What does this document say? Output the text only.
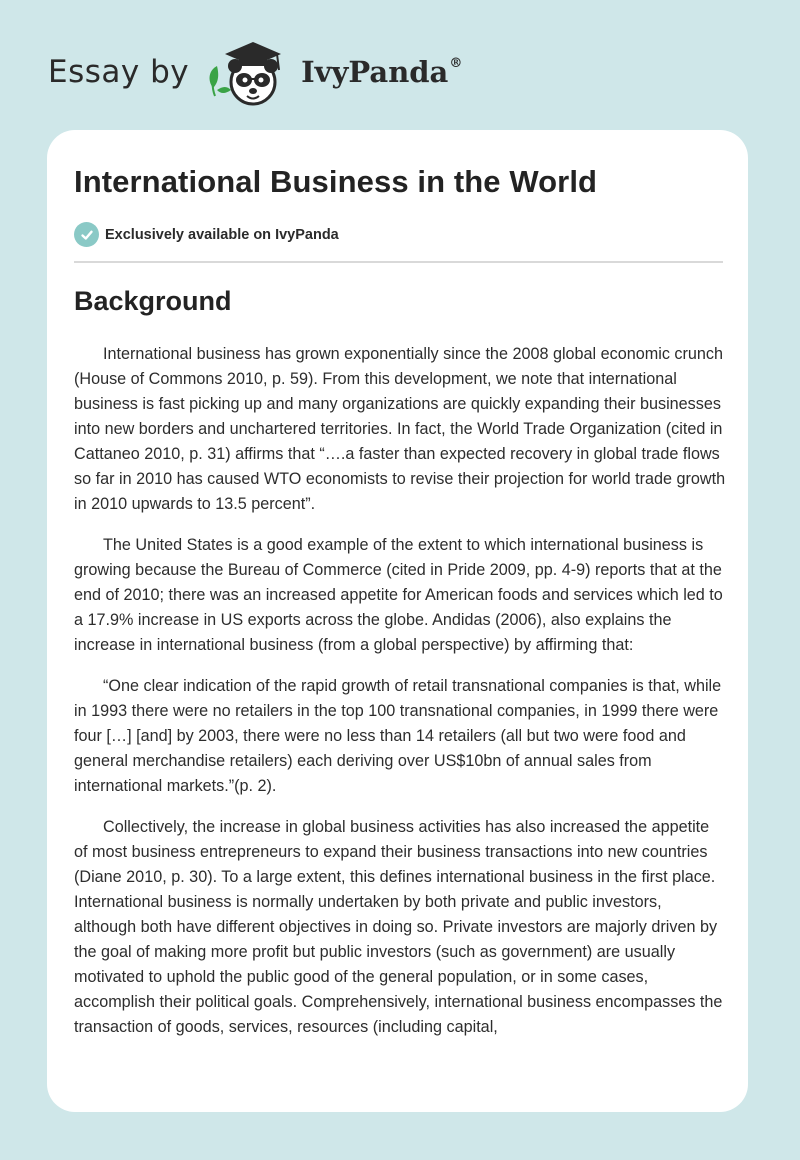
Essay by	IvyPanda®
International Business in the World
Exclusively available on IvyPanda
Background

International business has grown exponentially since the 2008 global economic crunch (House of Commons 2010, p. 59). From this development, we note that international business is fast picking up and many organizations are quickly expanding their businesses into new borders and unchartered territories. In fact, the World Trade Organization (cited in Cattaneo 2010, p. 31) affirms that “….a faster than expected recovery in global trade flows so far in 2010 has caused WTO economists to revise their projection for world trade growth in 2010 upwards to 13.5 percent”.

The United States is a good example of the extent to which international business is growing because the Bureau of Commerce (cited in Pride 2009, pp. 4-9) reports that at the end of 2010; there was an increased appetite for American foods and services which led to a 17.9% increase in US exports across the globe. Andidas (2006), also explains the increase in international business (from a global perspective) by affirming that:

“One clear indication of the rapid growth of retail transnational companies is that, while in 1993 there were no retailers in the top 100 transnational companies, in 1999 there were four […] [and] by 2003, there were no less than 14 retailers (all but two were food and general merchandise retailers) each deriving over US$10bn of annual sales from international markets.”(p. 2).

Collectively, the increase in global business activities has also increased the appetite of most business entrepreneurs to expand their business transactions into new countries (Diane 2010, p. 30). To a large extent, this defines international business in the first place. International business is normally undertaken by both private and public investors, although both have different objectives in doing so. Private investors are majorly driven by the goal of making more profit but public investors (such as government) are usually motivated to uphold the public good of the general population, or in some cases, accomplish their political goals. Comprehensively, international business encompasses the transaction of goods, services, resources (including capital,
